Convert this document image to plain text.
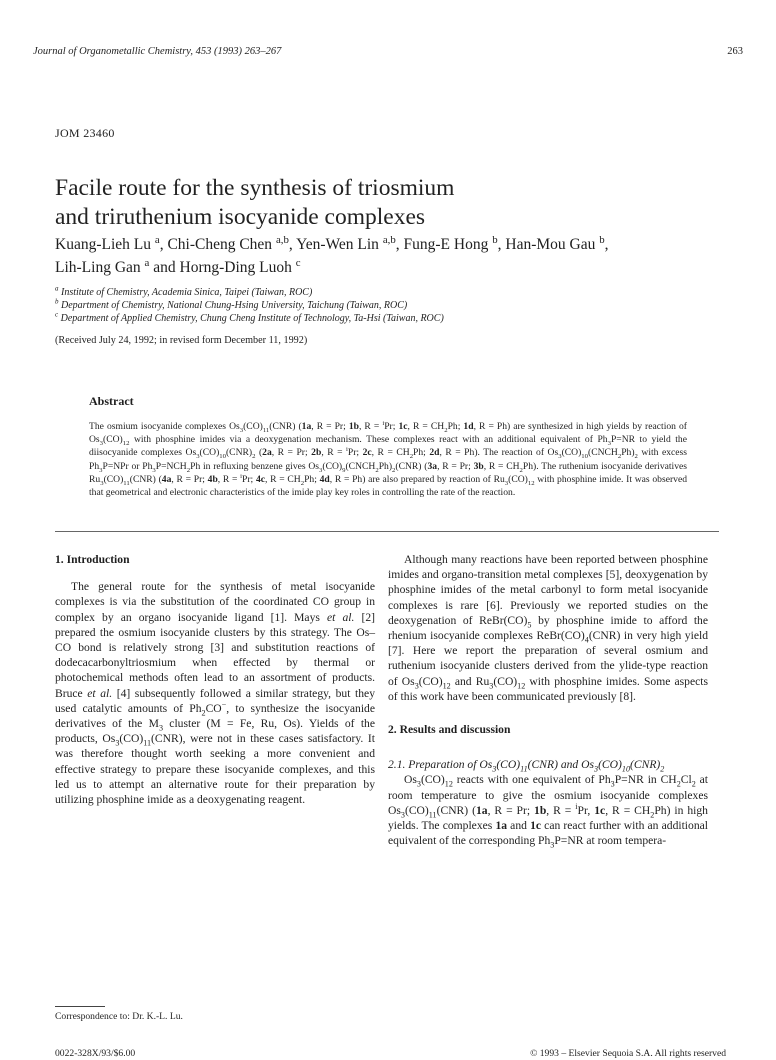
Journal of Organometallic Chemistry, 453 (1993) 263–267	263
JOM 23460
Facile route for the synthesis of triosmium
and triruthenium isocyanide complexes
Kuang-Lieh Lu $^a$, Chi-Cheng Chen $^{a,b}$, Yen-Wen Lin $^{a,b}$, Fung-E Hong $^b$, Han-Mou Gau $^b$,
Lih-Ling Gan $^a$ and Horng-Ding Luoh $^c$
$^a$ Institute of Chemistry, Academia Sinica, Taipei (Taiwan, ROC)
$^b$ Department of Chemistry, National Chung-Hsing University, Taichung (Taiwan, ROC)
$^c$ Department of Applied Chemistry, Chung Cheng Institute of Technology, Ta-Hsi (Taiwan, ROC)
(Received July 24, 1992; in revised form December 11, 1992)
Abstract
The osmium isocyanide complexes $Os_3(CO)_{11}(CNR)$ (1a, R = Pr; 1b, R = $^i$Pr; 1c, $R = CH_2Ph$; 1d, R = Ph) are synthesized in high yields by reaction of $Os_3(CO)_{12}$ with phosphine imides via a deoxygenation mechanism. These complexes react with an additional equivalent of $Ph_3P=NR$ to yield the diisocyanide complexes $Os_3(CO)_{10}(CNR)_2$ (2a, R = Pr; 2b, R = $^i$Pr; 2c, $R = CH_2Ph$; 2d, R = Ph). The reaction of $Os_3(CO)_{10}(CNCH_2Ph)_2$ with excess $Ph_3P=NPr$ or $Ph_3P=NCH_2Ph$ in refluxing benzene gives $Os_3(CO)_9(CNCH_2Ph)_2(CNR)$ (3a, R = Pr; 3b, $R = CH_2Ph$). The ruthenium isocyanide derivatives $Ru_3(CO)_{11}(CNR)$ (4a, R = Pr; 4b, R = $^i$Pr; 4c, $R = CH_2Ph$; 4d, R = Ph) are also prepared by reaction of $Ru_3(CO)_{12}$ with phosphine imide. It was observed that geometrical and electronic characteristics of the imide play key roles in controlling the rate of the reaction.
1. Introduction

The general route for the synthesis of metal isocyanide complexes is via the substitution of the coordinated CO group in complex by an organo isocyanide ligand [1]. Mays et al. [2] prepared the osmium isocyanide clusters by this strategy. The Os–CO bond is relatively strong [3] and substitution reactions of dodecacarbonyltriosmium when effected by thermal or photochemical methods often lead to an assortment of products. Bruce et al. [4] subsequently followed a similar strategy, but they used catalytic amounts of $Ph_2CO^-$, to synthesize the isocyanide derivatives of the $M_3$ cluster (M = Fe, Ru, Os). Yields of the products, $Os_3(CO)_{11}(CNR)$, were not in these cases satisfactory. It was therefore thought worth seeking a more convenient and effective strategy to prepare these isocyanide complexes, and this led us to attempt an alternative route for their preparation by utilizing phosphine imide as a deoxygenating reagent.

Although many reactions have been reported between phosphine imides and organo-transition metal complexes [5], deoxygenation by phosphine imides of the metal carbonyl to form metal isocyanide complexes is rare [6]. Previously we reported studies on the deoxygenation of $ReBr(CO)_5$ by phosphine imide to afford the rhenium isocyanide complexes $ReBr(CO)_4(CNR)$ in very high yield [7]. Here we report the preparation of several osmium and ruthenium isocyanide clusters derived from the ylide-type reaction of $Os_3(CO)_{12}$ and $Ru_3(CO)_{12}$ with phosphine imides. Some aspects of this work have been communicated previously [8].

2. Results and discussion

2.1. Preparation of $Os_3(CO)_{11}(CNR)$ and $Os_3(CO)_{10}(CNR)_2$

$Os_3(CO)_{12}$ reacts with one equivalent of $Ph_3P=NR$ in $CH_2Cl_2$ at room temperature to give the osmium isocyanide complexes $Os_3(CO)_{11}(CNR)$ (1a, R = Pr; 1b, R = $^i$Pr, 1c, $R = CH_2Ph$) in high yields. The complexes 1a and 1c can react further with an additional equivalent of the corresponding $Ph_3P=NR$ at room tempera-

Correspondence to: Dr. K.-L. Lu.
0022-328X/93/$6.00	© 1993 – Elsevier Sequoia S.A. All rights reserved
